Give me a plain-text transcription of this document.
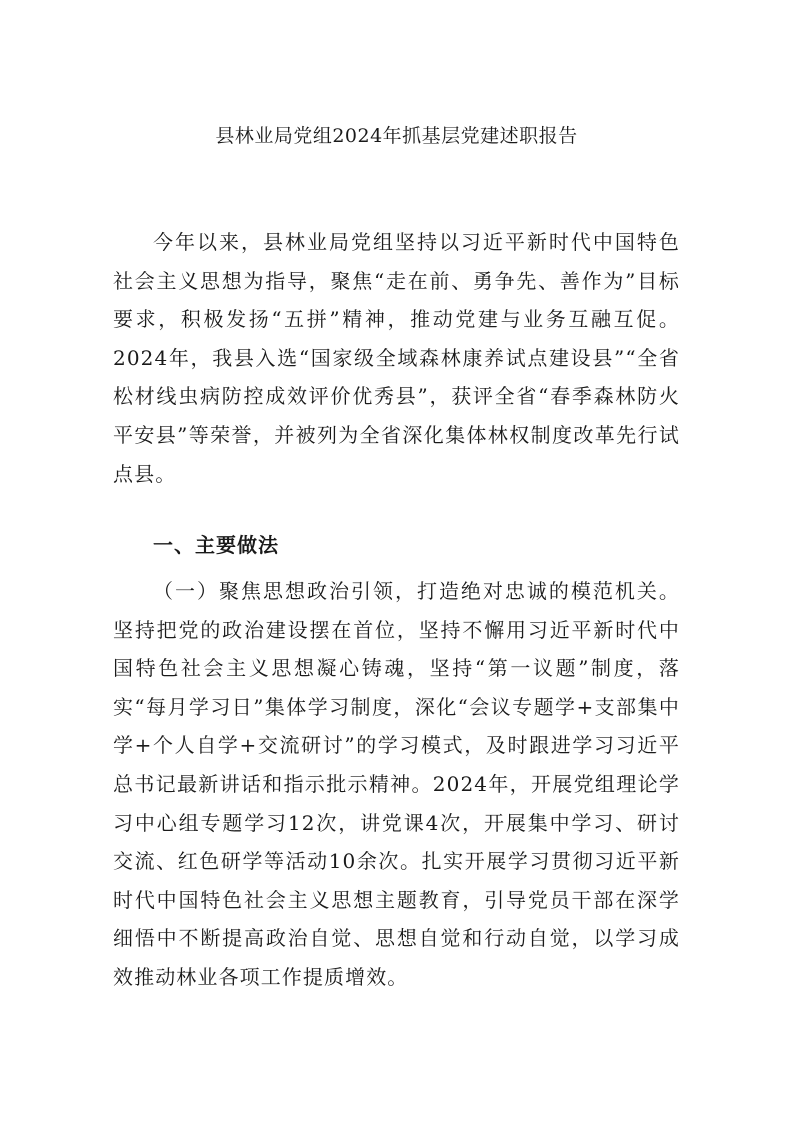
县林业局党组2024年抓基层党建述职报告

今年以来，县林业局党组坚持以习近平新时代中国特色社会主义思想为指导，聚焦“走在前、勇争先、善作为”目标要求，积极发扬“五拼”精神，推动党建与业务互融互促。2024年，我县入选“国家级全域森林康养试点建设县”“全省松材线虫病防控成效评价优秀县”，获评全省“春季森林防火平安县”等荣誉，并被列为全省深化集体林权制度改革先行试点县。

一、主要做法

（一）聚焦思想政治引领，打造绝对忠诚的模范机关。坚持把党的政治建设摆在首位，坚持不懈用习近平新时代中国特色社会主义思想凝心铸魂，坚持“第一议题”制度，落实“每月学习日”集体学习制度，深化“会议专题学+支部集中学+个人自学+交流研讨”的学习模式，及时跟进学习习近平总书记最新讲话和指示批示精神。2024年，开展党组理论学习中心组专题学习12次，讲党课4次，开展集中学习、研讨交流、红色研学等活动10余次。扎实开展学习贯彻习近平新时代中国特色社会主义思想主题教育，引导党员干部在深学细悟中不断提高政治自觉、思想自觉和行动自觉，以学习成效推动林业各项工作提质增效。
